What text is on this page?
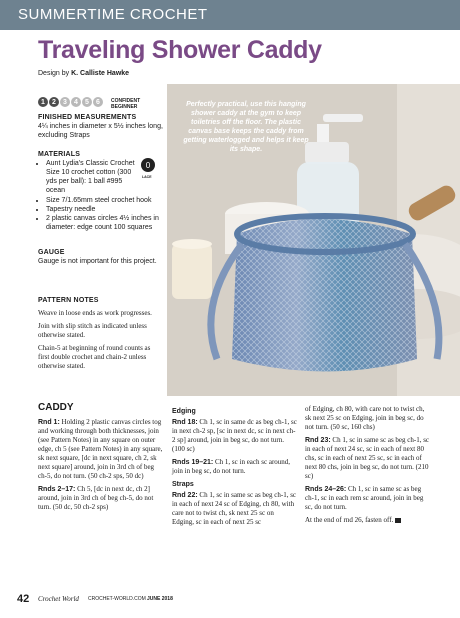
SUMMERTIME CROCHET
Traveling Shower Caddy
Design by K. Calliste Hawke
1	2	3	4	5	6	CONFIDENT
BEGINNER
FINISHED MEASUREMENTS
4¼ inches in diameter x 5½ inches long, excluding Straps
MATERIALS
• Aunt Lydia's Classic Crochet Size 10 crochet cotton (300 yds per ball): 1 ball #995 ocean
• Size 7/1.65mm steel crochet hook
• Tapestry needle
• 2 plastic canvas circles 4½ inches in diameter: edge count 100 squares
0
LACE
GAUGE
Gauge is not important for this project.
Perfectly practical, use this hanging shower caddy at the gym to keep toiletries off the floor. The plastic canvas base keeps the caddy from getting waterlogged and helps it keep its shape.
PATTERN NOTES

Weave in loose ends as work progresses.

Join with slip stitch as indicated unless otherwise stated.

Chain-5 at beginning of round counts as first double crochet and chain-2 unless otherwise stated.

CADDY

Rnd 1: Holding 2 plastic canvas circles tog and working through both thicknesses, join (see Pattern Notes) in any square on outer edge, ch 5 (see Pattern Notes) in any square, sk next square, [dc in next square, ch 2, sk next square] around, join in 3rd ch of beg ch-5, do not turn. (50 ch-2 sps, 50 dc)

Rnds 2–17: Ch 5, [dc in next dc, ch 2] around, join in 3rd ch of beg ch-5, do not turn. (50 dc, 50 ch-2 sps)

Edging

Rnd 18: Ch 1, sc in same dc as beg ch-1, sc in next ch-2 sp, [sc in next dc, sc in next ch-2 sp] around, join in beg sc, do not turn. (100 sc)

Rnds 19–21: Ch 1, sc in each sc around, join in beg sc, do not turn.

Straps

Rnd 22: Ch 1, sc in same sc as beg ch-1, sc in each of next 24 sc of Edging, ch 80, with care not to twist ch, sk next 25 sc on Edging, sc in each of next 25 sc

of Edging, ch 80, with care not to twist ch, sk next 25 sc on Edging, join in beg sc, do not turn. (50 sc, 160 chs)

Rnd 23: Ch 1, sc in same sc as beg ch-1, sc in each of next 24 sc, sc in each of next 80 chs, sc in each of next 25 sc, sc in each of next 80 chs, join in beg sc, do not turn. (210 sc)

Rnds 24–26: Ch 1, sc in same sc as beg ch-1, sc in each rem sc around, join in beg sc, do not turn.

At the end of rnd 26, fasten off.

42 Crochet World CROCHET-WORLD.COM JUNE 2018
